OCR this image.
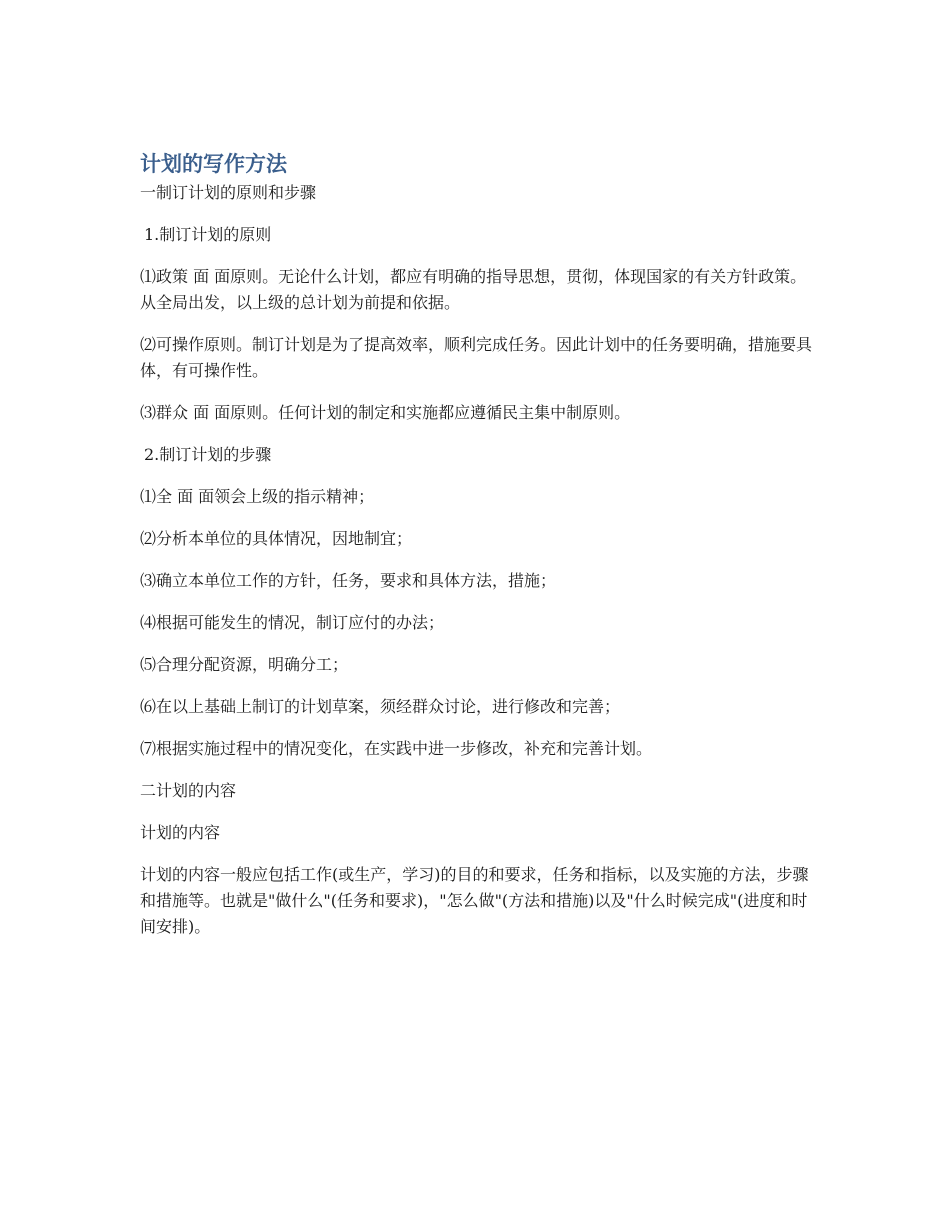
计划的写作方法

一制订计划的原则和步骤

1.制订计划的原则

⑴政策 面 面原则。无论什么计划，都应有明确的指导思想，贯彻，体现国家的有关方针政策。从全局出发，以上级的总计划为前提和依据。

⑵可操作原则。制订计划是为了提高效率，顺利完成任务。因此计划中的任务要明确，措施要具体，有可操作性。

⑶群众 面 面原则。任何计划的制定和实施都应遵循民主集中制原则。

2.制订计划的步骤

⑴全 面 面领会上级的指示精神；

⑵分析本单位的具体情况，因地制宜；

⑶确立本单位工作的方针，任务，要求和具体方法，措施；

⑷根据可能发生的情况，制订应付的办法；

⑸合理分配资源，明确分工；

⑹在以上基础上制订的计划草案，须经群众讨论，进行修改和完善；

⑺根据实施过程中的情况变化，在实践中进一步修改，补充和完善计划。

二计划的内容

计划的内容

计划的内容一般应包括工作(或生产，学习)的目的和要求，任务和指标，以及实施的方法，步骤和措施等。也就是"做什么"(任务和要求)，"怎么做"(方法和措施)以及"什么时候完成"(进度和时间安排)。
